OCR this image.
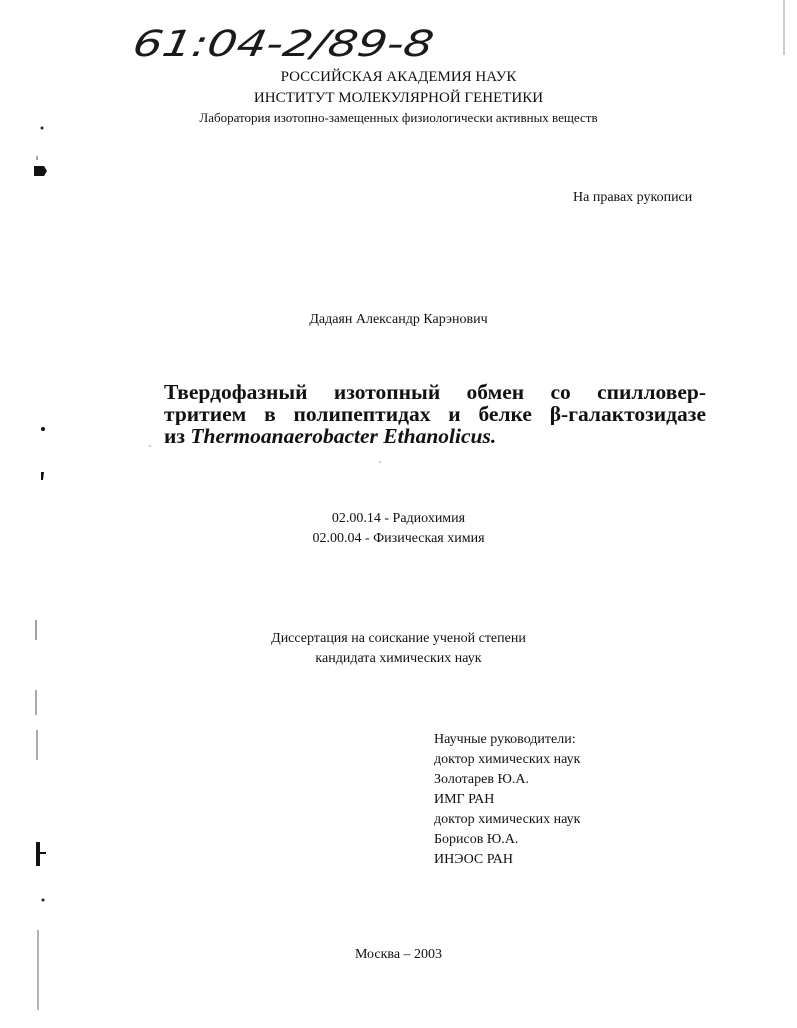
61:04-2/89-8
РОССИЙСКАЯ АКАДЕМИЯ НАУК
ИНСТИТУТ МОЛЕКУЛЯРНОЙ ГЕНЕТИКИ
Лаборатория изотопно-замещенных физиологически активных веществ
На правах рукописи
Дадаян Александр Карэнович
Твердофазный изотопный обмен со спилловер-
тритием в полипептидах и белке β-галактозидазе
из Thermoanaerobacter Ethanolicus.
02.00.14 - Радиохимия
02.00.04 - Физическая химия
Диссертация на соискание ученой степени
кандидата химических наук
Научные руководители:
доктор химических наук
Золотарев Ю.А.
ИМГ РАН
доктор химических наук
Борисов Ю.А.
ИНЭОС РАН
Москва – 2003
